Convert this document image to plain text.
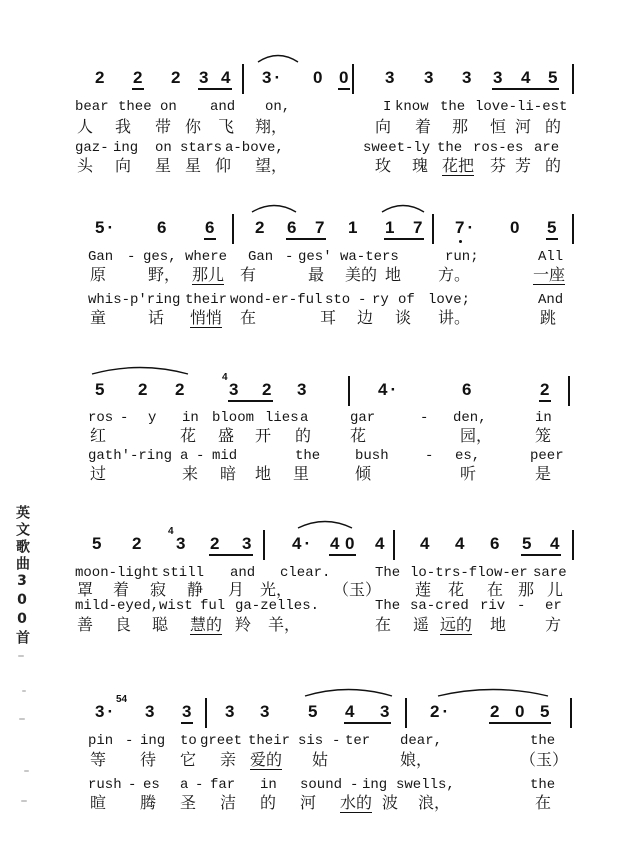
英文歌曲300首
2 2 2 3 4 3· 0 0 3 3 3 3 4 5
bear thee on and on,	I know the love-li-est
人 我 带 你 飞 翔，	向 着 那 恒 河 的
gaz- ing on stars a-bove,	sweet-ly the ros-es are
头 向 星 星 仰 望，	玫 瑰 花把 芬 芳 的
5· 6 6 2 6 7 1 1 7 7· 0 5
Gan - ges, where Gan - ges' wa-ters	run;	All
原	野， 那儿 有	最 美的 地 方。	一座
whis-p'ring their wond-er-ful sto - ry of love;	And
童	话 悄悄 在	耳 边 谈 讲。	跳
5 2 2
4
3 2 3	4·	6	2
ros - y in bloom lies a	gar	- den,	in
红	花 盛 开 的 花	园，	笼
gath'-ring a - mid	the bush	- es,	peer
过	来 暗 地 里	倾	听	是
5 2
4
3 2 3 4· 4 0 4 4 4 6 5 4
moon-light still and clear.	The lo-trs-flow-er sare
罩 着 寂 静 月 光，	（玉） 莲 花 在 那 儿
mild-eyed,wist ful ga-zelles.	The sa-cred riv - er
善 良 聪 慧的 羚 羊，	在 遥 远的 地 方
3·
54
3 3 3 3 5 4 3 2· 2 0 5
pin - ing to greet their sis - ter dear,	the
等 待 它 亲 爱的 姑	娘，	（玉）
rush - es a - far in sound - ing swells,	the
暄 腾 圣 洁 的 河 水的 波 浪，	在
